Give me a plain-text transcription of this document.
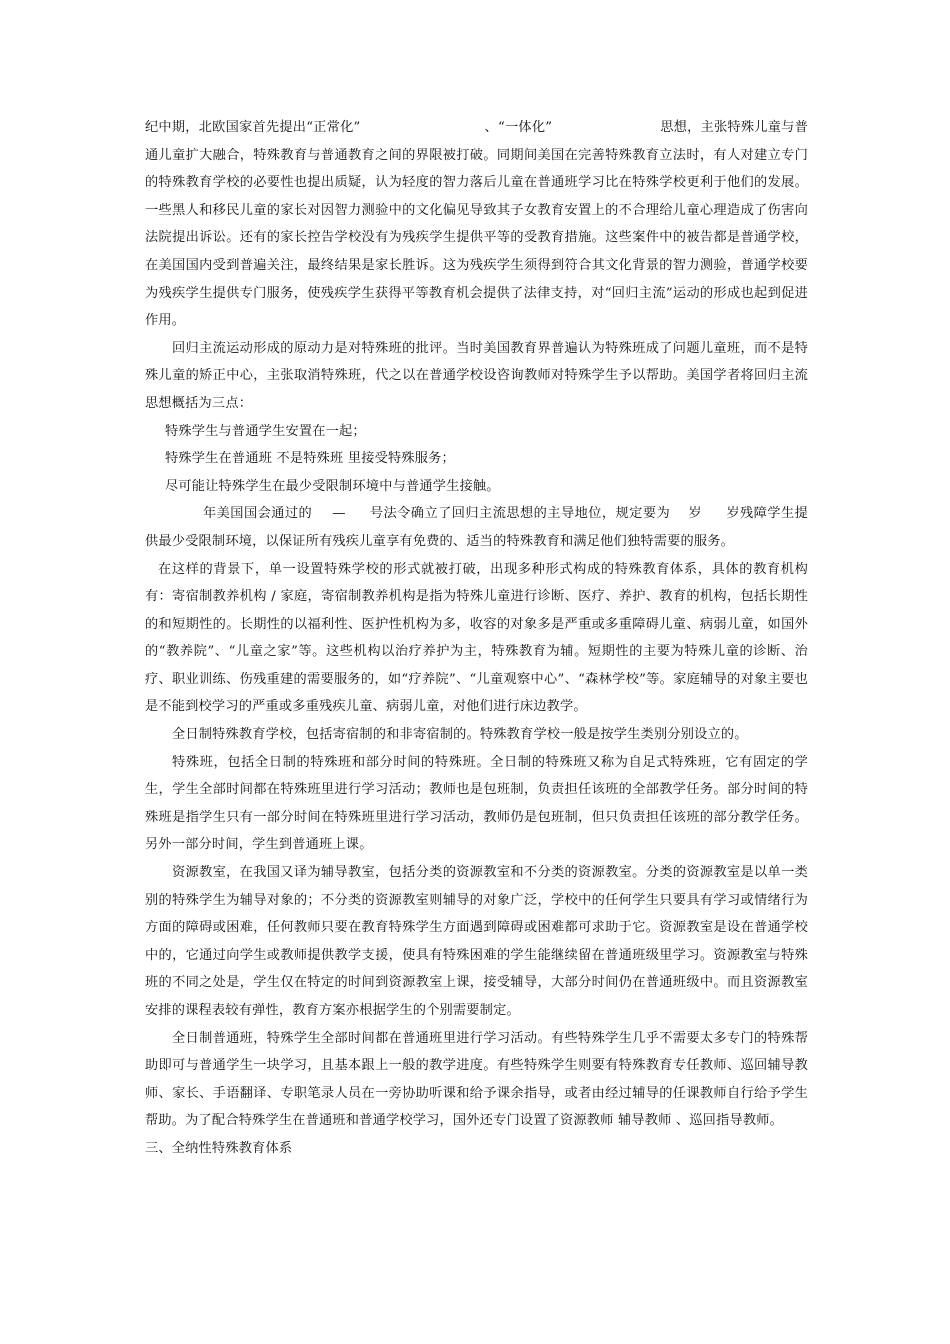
纪中期，北欧国家首先提出“正常化”	、“一体化”	思想，主张特殊儿童与普通儿童扩大融合，特殊教育与普通教育之间的界限被打破。同期间美国在完善特殊教育立法时，有人对建立专门的特殊教育学校的必要性也提出质疑，认为轻度的智力落后儿童在普通班学习比在特殊学校更利于他们的发展。一些黑人和移民儿童的家长对因智力测验中的文化偏见导致其子女教育安置上的不合理给儿童心理造成了伤害向法院提出诉讼。还有的家长控告学校没有为残疾学生提供平等的受教育措施。这些案件中的被告都是普通学校，在美国国内受到普遍关注，最终结果是家长胜诉。这为残疾学生须得到符合其文化背景的智力测验，普通学校要为残疾学生提供专门服务，使残疾学生获得平等教育机会提供了法律支持，对“回归主流”运动的形成也起到促进作用。

回归主流运动形成的原动力是对特殊班的批评。当时美国教育界普遍认为特殊班成了问题儿童班，而不是特殊儿童的矫正中心，主张取消特殊班，代之以在普通学校设咨询教师对特殊学生予以帮助。美国学者将回归主流思想概括为三点：

特殊学生与普通学生安置在一起；

特殊学生在普通班 不是特殊班 里接受特殊服务；

尽可能让特殊学生在最少受限制环境中与普通学生接触。

年美国国会通过的 — 号法令确立了回归主流思想的主导地位，规定要为 岁 岁残障学生提供最少受限制环境，以保证所有残疾儿童享有免费的、适当的特殊教育和满足他们独特需要的服务。

在这样的背景下，单一设置特殊学校的形式就被打破，出现多种形式构成的特殊教育体系，具体的教育机构有：寄宿制教养机构 / 家庭，寄宿制教养机构是指为特殊儿童进行诊断、医疗、养护、教育的机构，包括长期性的和短期性的。长期性的以福利性、医护性机构为多，收容的对象多是严重或多重障碍儿童、病弱儿童，如国外的“教养院”、“儿童之家”等。这些机构以治疗养护为主，特殊教育为辅。短期性的主要为特殊儿童的诊断、治疗、职业训练、伤残重建的需要服务的，如“疗养院”、“儿童观察中心”、“森林学校”等。家庭辅导的对象主要也是不能到校学习的严重或多重残疾儿童、病弱儿童，对他们进行床边教学。

全日制特殊教育学校，包括寄宿制的和非寄宿制的。特殊教育学校一般是按学生类别分别设立的。

特殊班，包括全日制的特殊班和部分时间的特殊班。全日制的特殊班又称为自足式特殊班，它有固定的学生，学生全部时间都在特殊班里进行学习活动；教师也是包班制，负责担任该班的全部教学任务。部分时间的特殊班是指学生只有一部分时间在特殊班里进行学习活动，教师仍是包班制，但只负责担任该班的部分教学任务。另外一部分时间，学生到普通班上课。

资源教室，在我国又译为辅导教室，包括分类的资源教室和不分类的资源教室。分类的资源教室是以单一类别的特殊学生为辅导对象的；不分类的资源教室则辅导的对象广泛，学校中的任何学生只要具有学习或情绪行为方面的障碍或困难，任何教师只要在教育特殊学生方面遇到障碍或困难都可求助于它。资源教室是设在普通学校中的，它通过向学生或教师提供教学支援，使具有特殊困难的学生能继续留在普通班级里学习。资源教室与特殊班的不同之处是，学生仅在特定的时间到资源教室上课，接受辅导，大部分时间仍在普通班级中。而且资源教室安排的课程表较有弹性，教育方案亦根据学生的个别需要制定。

全日制普通班，特殊学生全部时间都在普通班里进行学习活动。有些特殊学生几乎不需要太多专门的特殊帮助即可与普通学生一块学习，且基本跟上一般的教学进度。有些特殊学生则要有特殊教育专任教师、巡回辅导教师、家长、手语翻译、专职笔录人员在一旁协助听课和给予课余指导，或者由经过辅导的任课教师自行给予学生帮助。为了配合特殊学生在普通班和普通学校学习，国外还专门设置了资源教师 辅导教师 、巡回指导教师。

三、全纳性特殊教育体系
